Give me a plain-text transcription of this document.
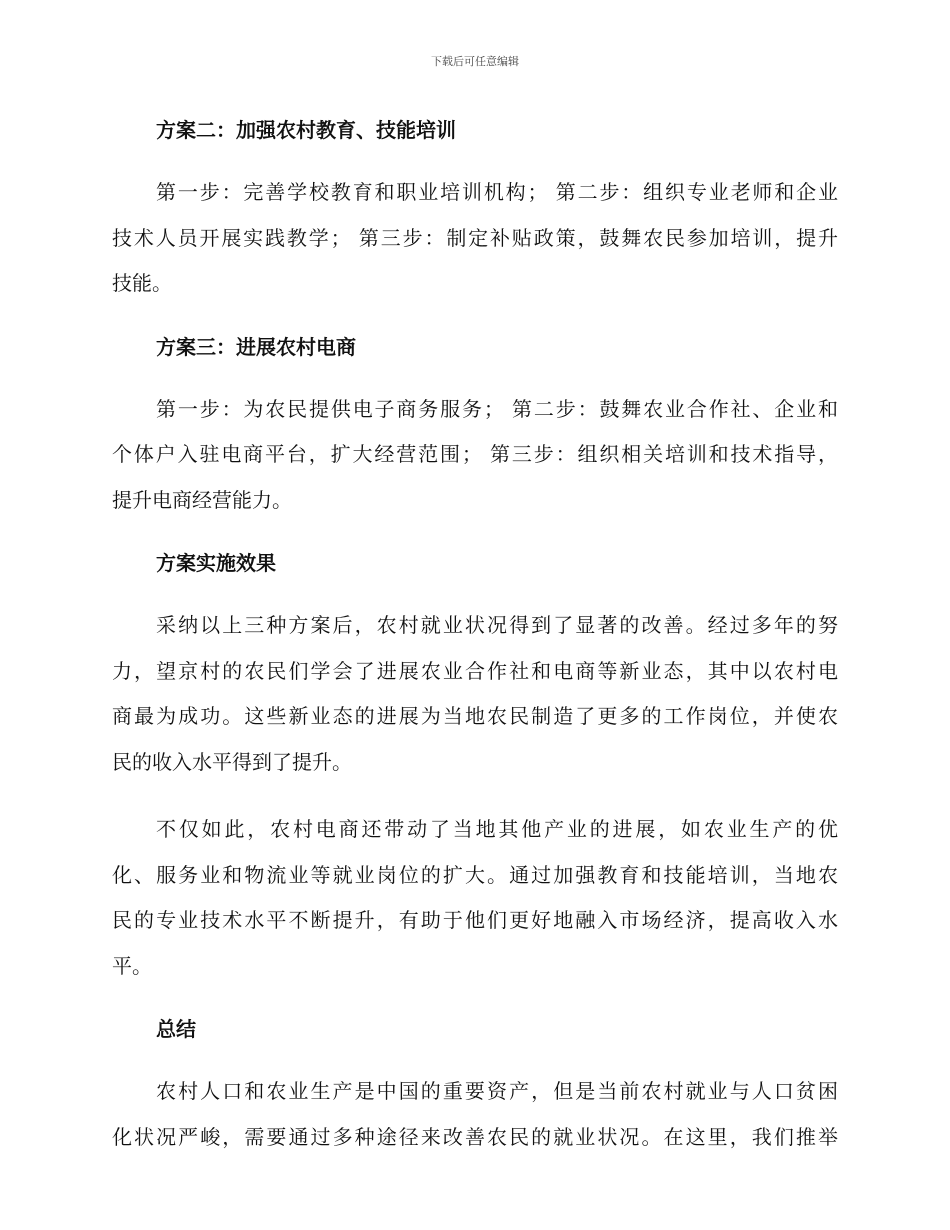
下载后可任意编辑
方案二：加强农村教育、技能培训
第一步：完善学校教育和职业培训机构； 第二步：组织专业老师和企业
技术人员开展实践教学； 第三步：制定补贴政策，鼓舞农民参加培训，提升
技能。
方案三：进展农村电商
第一步：为农民提供电子商务服务； 第二步：鼓舞农业合作社、企业和
个体户入驻电商平台，扩大经营范围； 第三步：组织相关培训和技术指导，
提升电商经营能力。
方案实施效果
采纳以上三种方案后，农村就业状况得到了显著的改善。经过多年的努
力，望京村的农民们学会了进展农业合作社和电商等新业态，其中以农村电
商最为成功。这些新业态的进展为当地农民制造了更多的工作岗位，并使农
民的收入水平得到了提升。
不仅如此，农村电商还带动了当地其他产业的进展，如农业生产的优
化、服务业和物流业等就业岗位的扩大。通过加强教育和技能培训，当地农
民的专业技术水平不断提升，有助于他们更好地融入市场经济，提高收入水
平。
总结
农村人口和农业生产是中国的重要资产，但是当前农村就业与人口贫困
化状况严峻，需要通过多种途径来改善农民的就业状况。在这里，我们推举
